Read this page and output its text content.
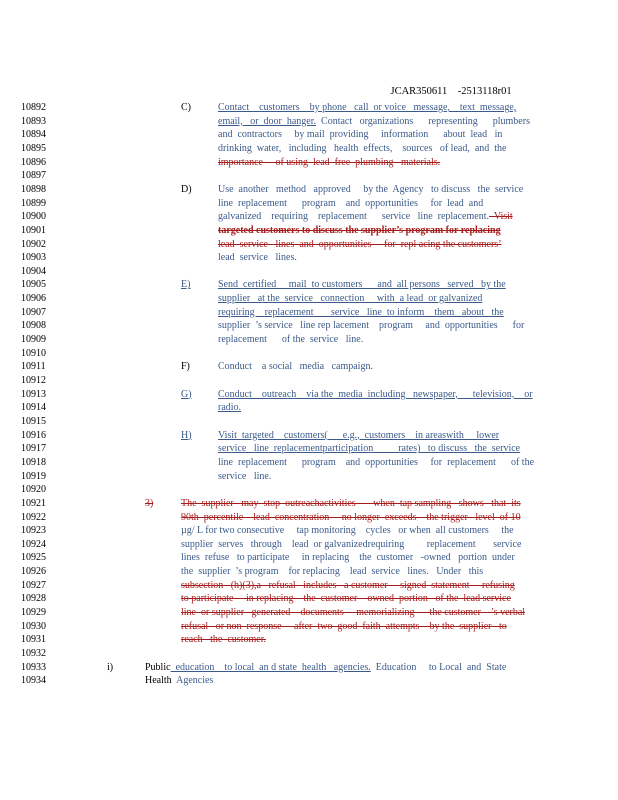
JCAR350611 -2513118r01

10892	C)	Contact    customers    by phone   call  or voice   message,    text  message,
10893	email,   or  door  hanger.  Contact   organizations      representing      plumbers
10894	and  contractors     by mail  providing     information      about  lead   in
10895	drinking  water,   including   health  effects,    sources   of lead,  and  the
10896	importance     of using  lead  free  plumbing   materials.
10897
10898	D)	Use  another   method   approved     by the  Agency   to discuss   the  service
10899	line  replacement      program    and  opportunities     for  lead  and
10900	galvanized    requiring    replacement      service   line  replacement.  Visit
10901	targeted customers to discuss the supplier’s program for replacing
10902	lead  service   lines  and  opportunities     for  repl acing the customers’
10903	lead  service   lines.
10904
10905	E)	Send  certified     mail  to customers      and  all persons   served   by the
10906	supplier   at the  service   connection     with  a lead  or galvanized
10907	requiring    replacement       service   line  to inform    them   about   the
10908	supplier  ’s service   line rep lacement    program     and  opportunities      for
10909	replacement      of the  service   line.
10910
10911	F)	Conduct    a social   media   campaign.
10912
10913	G)	Conduct    outreach    via the  media  including   newspaper,      television,    or
10914	radio.
10915
10916	H)	Visit  targeted    customers(      e.g.,  customers    in areaswith     lower
10917	service   line  replacementparticipation          rates)   to discuss   the  service
10918	line  replacement      program    and  opportunities     for  replacement      of the
10919	service   line.
10920
10921	3)	The  supplier   may  stop  outreachactivities       when  tap sampling   shows   that  its
10922	90th  percentile    lead  concentration     no longer  exceeds    the trigger   level  of 10
10923	µg/ L for two consecutive     tap monitoring    cycles   or when  all customers     the
10924	supplier  serves   through    lead  or galvanizedrequiring         replacement       service
10925	lines  refuse   to participate     in replacing    the  customer   -owned   portion  under
10926	the  supplier  ’s program    for replacing    lead  service   lines.   Under   this
10927	subsection   (h)(3),a   refusal   includes   a customer     signed  statement     refusing
10928	to participate     in replacing    the  customer    owned  portion   of the  lead service
10929	line  or supplier   generated    documents     memorializing      the customer    ’s verbal
10930	refusal   or non  response     after  two  good  faith  attempts    by the  supplier   to
10931	reach   the  customer.
10932
10933	i)	Public  education    to local  an d state  health   agencies.  Education     to Local  and  State
10934	Health  Agencies
